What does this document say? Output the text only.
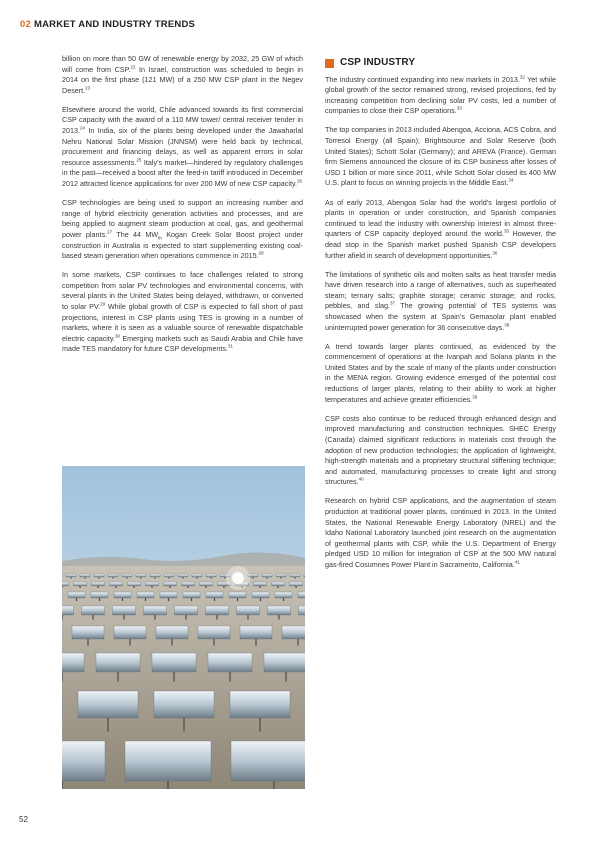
02 MARKET AND INDUSTRY TRENDS

billion on more than 50 GW of renewable energy by 2032, 25 GW of which will come from CSP.$^{22}$ In Israel, construction was scheduled to begin in 2014 on the first phase (121 MW) of a 250 MW CSP plant in the Negev Desert.$^{23}$

Elsewhere around the world, Chile advanced towards its first commercial CSP capacity with the award of a 110 MW tower/ central receiver tender in 2013.24 In India, six of the plants being developed under the Jawaharlal Nehru National Solar Mission (JNNSM) were held back by technical, procurement and financing delays, as well as apparent errors in solar resource assessments.$^{25}$ Italy’s market—hindered by regulatory challenges in the past—received a boost after the feed-in tariff introduced in December 2012 attracted licence applications for over 200 MW of new CSP capacity.$^{26}$

CSP technologies are being used to support an increasing number and range of hybrid electricity generation activities and processes, and are being applied to augment steam production at coal, gas, and geothermal power plants.$^{27}$ The 44 $MW_{th}$ Kogan Creek Solar Boost project under construction in Australia is expected to start supplementing existing coal-based steam generation when operations commence in 2015.28

In some markets, CSP continues to face challenges related to strong competition from solar PV technologies and environmental concerns, with several plants in the United States being delayed, withdrawn, or converted to solar PV.$^{29}$ While global growth of CSP is expected to fall short of past projections, interest in CSP plants using TES is growing in a number of markets, where it is seen as a valuable source of renewable dispatchable electric capacity.$^{30}$ Emerging markets such as Saudi Arabia and Chile have made TES mandatory for future CSP developments.$^{31}$

CSP INDUSTRY

The industry continued expanding into new markets in 2013.32 Yet while global growth of the sector remained strong, revised projections, fed by increasing competition from declining solar PV costs, led a number of companies to close their CSP operations.$^{33}$

The top companies in 2013 included Abengoa, Acciona, ACS Cobra, and Torresol Energy (all Spain); Brightsource and Solar Reserve (both United States); Schott Solar (Germany); and AREVA (France). German firm Siemens announced the closure of its CSP business after losses of USD 1 billion or more since 2011, while Schott Solar closed its 400 MW U.S. plant to focus on winning projects in the Middle East.$^{34}$

As of early 2013, Abengoa Solar had the world’s largest portfolio of plants in operation or under construction, and Spanish companies continued to lead the industry with ownership interest in almost three-quarters of CSP capacity deployed around the world.$^{35}$ However, the dead stop in the Spanish market pushed Spanish CSP developers further afield in search of development opportunities.$^{36}$

The limitations of synthetic oils and molten salts as heat transfer media have driven research into a range of alternatives, such as superheated steam; ternary salts; graphite storage; ceramic storage; and rocks, pebbles, and slag.$^{37}$ The growing potential of TES systems was showcased when the system at Spain’s Gemasolar plant enabled uninterrupted power generation for 36 consecutive days.$^{38}$

A trend towards larger plants continued, as evidenced by the commencement of operations at the Ivanpah and Solana plants in the United States and by the scale of many of the plants under construction in the MENA region. Growing evidence emerged of the potential cost reductions of larger plants, relating to their ability to work at higher temperatures and achieve greater efficiencies.$^{39}$

CSP costs also continue to be reduced through enhanced design and improved manufacturing and construction techniques. SHEC Energy (Canada) claimed significant reductions in materials cost through the adoption of new production technologies; the application of lightweight, high-strength materials and a proprietary structural stiffening technique; and automated, manufacturing processes to create light and strong structures.$^{40}$

Research on hybrid CSP applications, and the augmentation of steam production at traditional power plants, continued in 2013. In the United States, the National Renewable Energy Laboratory (NREL) and the Idaho National Laboratory launched joint research on the augmentation of geothermal plants with CSP, while the U.S. Department of Energy pledged USD 10 million for integration of CSP at the 500 MW natural gas-fired Cosumnes Power Plant in Sacramento, California.$^{41}$

52
